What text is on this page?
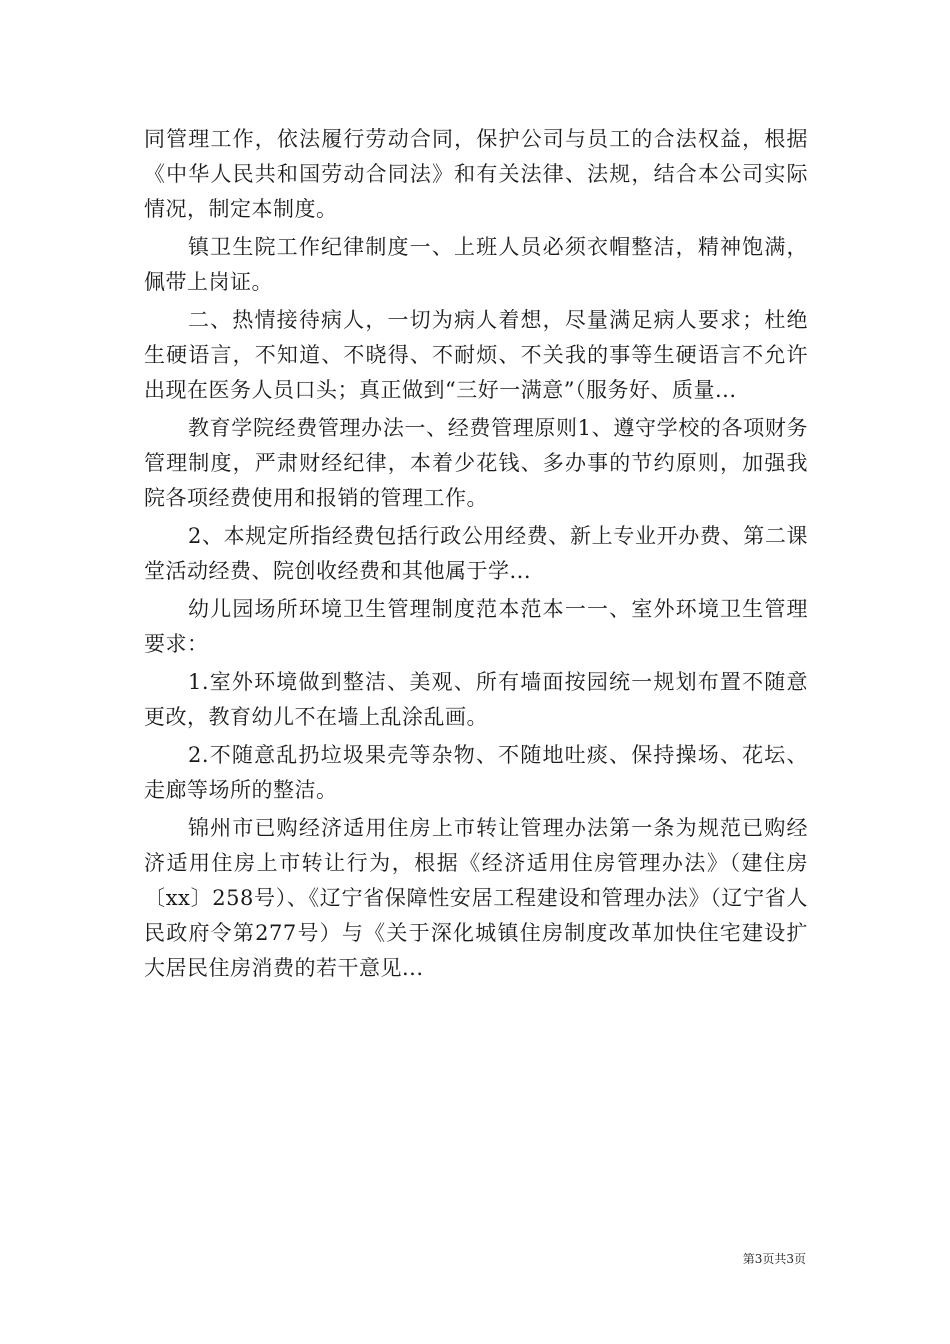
同管理工作，依法履行劳动合同，保护公司与员工的合法权益，根据《中华人民共和国劳动合同法》和有关法律、法规，结合本公司实际情况，制定本制度。

镇卫生院工作纪律制度一、上班人员必须衣帽整洁，精神饱满，佩带上岗证。

二、热情接待病人，一切为病人着想，尽量满足病人要求；杜绝生硬语言，不知道、不晓得、不耐烦、不关我的事等生硬语言不允许出现在医务人员口头；真正做到“三好一满意”（服务好、质量...

教育学院经费管理办法一、经费管理原则1、遵守学校的各项财务管理制度，严肃财经纪律，本着少花钱、多办事的节约原则，加强我院各项经费使用和报销的管理工作。

2、本规定所指经费包括行政公用经费、新上专业开办费、第二课堂活动经费、院创收经费和其他属于学...

幼儿园场所环境卫生管理制度范本范本一一、室外环境卫生管理要求：

1.室外环境做到整洁、美观、所有墙面按园统一规划布置不随意更改，教育幼儿不在墙上乱涂乱画。

2.不随意乱扔垃圾果壳等杂物、不随地吐痰、保持操场、花坛、走廊等场所的整洁。

锦州市已购经济适用住房上市转让管理办法第一条为规范已购经济适用住房上市转让行为，根据《经济适用住房管理办法》（建住房〔xx〕258号）、《辽宁省保障性安居工程建设和管理办法》（辽宁省人民政府令第277号）与《关于深化城镇住房制度改革加快住宅建设扩大居民住房消费的若干意见...

第3页共3页
